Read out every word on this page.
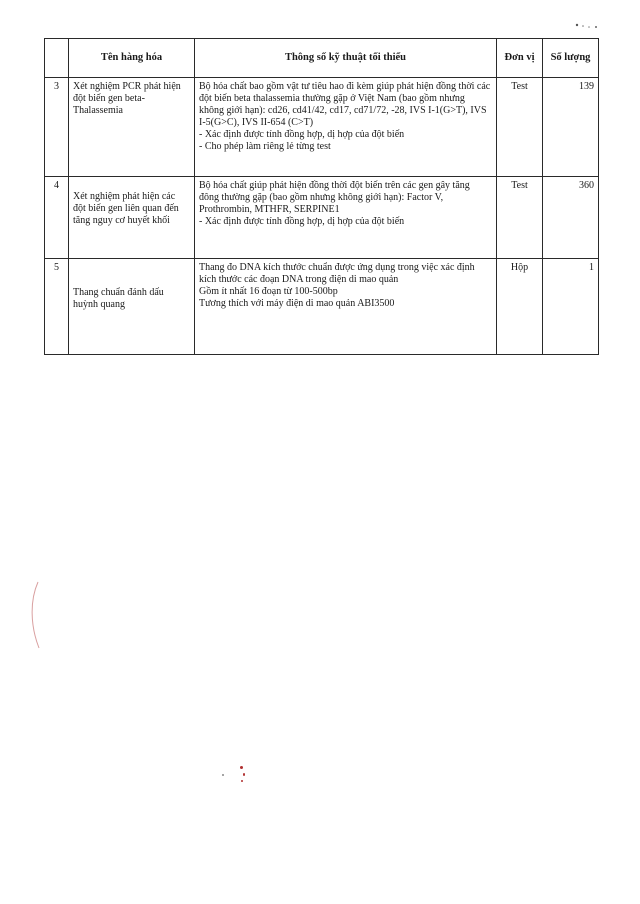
	Tên hàng hóa	Thông số kỹ thuật tối thiểu	Đơn vị	Số lượng
3	Xét nghiệm PCR phát hiện đột biến gen beta-Thalassemia	Bộ hóa chất bao gồm vật tư tiêu hao đi kèm giúp phát hiện đồng thời các đột biến beta thalassemia thường gặp ở Việt Nam (bao gồm nhưng không giới hạn): cd26, cd41/42, cd17, cd71/72, -28, IVS I-1(G>T), IVS I-5(G>C), IVS II-654 (C>T)
- Xác định được tính đồng hợp, dị hợp của đột biến
- Cho phép làm riêng lẻ từng test	Test	139
4	Xét nghiệm phát hiện các đột biến gen liên quan đến tăng nguy cơ huyết khối	Bộ hóa chất giúp phát hiện đồng thời đột biến trên các gen gây tăng đông thường gặp (bao gồm nhưng không giới hạn): Factor V, Prothrombin, MTHFR, SERPINE1
- Xác định được tính đồng hợp, dị hợp của đột biến	Test	360
5	Thang chuẩn đánh dấu huỳnh quang	Thang đo DNA kích thước chuẩn được ứng dụng trong việc xác định kích thước các đoạn DNA trong điện di mao quản
Gồm ít nhất 16 đoạn từ 100-500bp
Tương thích với máy điện di mao quản ABI3500	Hộp	1
